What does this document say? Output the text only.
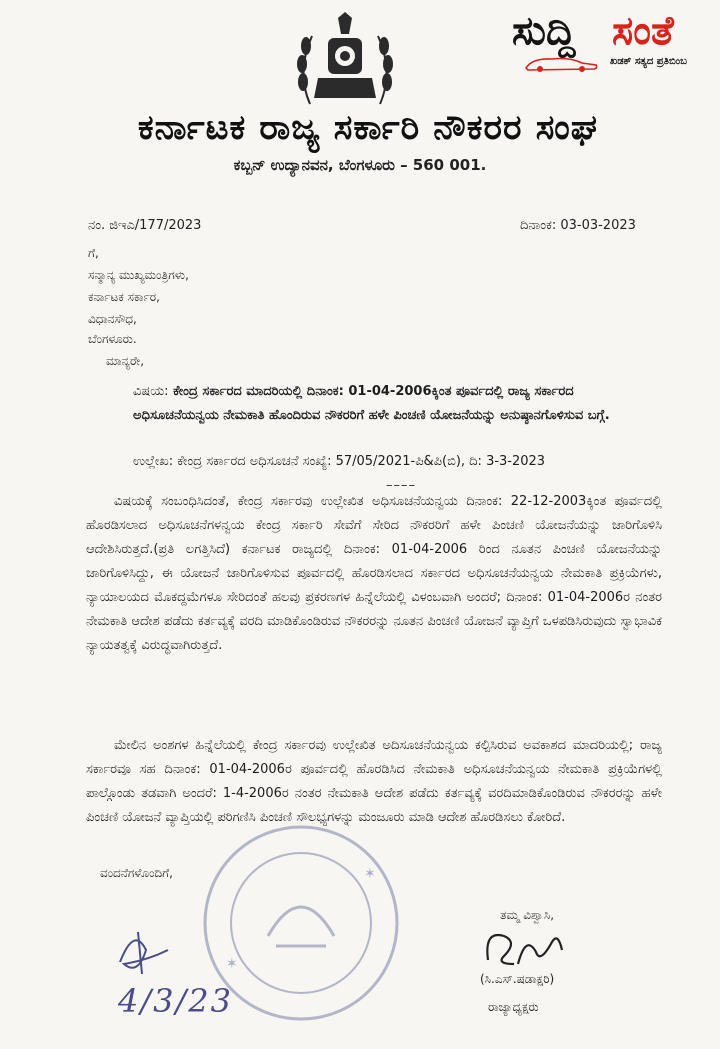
ಸುದ್ದಿ ಸಂತೆ
ಖಡಕ್ ಸತ್ಯದ ಪ್ರತಿಬಿಂಬ
ಕರ್ನಾಟಕ ರಾಜ್ಯ ಸರ್ಕಾರಿ ನೌಕರರ ಸಂಘ
ಕಬ್ಬನ್ ಉದ್ಯಾನವನ, ಬೆಂಗಳೂರು – 560 001.
ನಂ. ಜಿಇಎ/177/2023	ದಿನಾಂಕ: 03-03-2023
ಗೆ,
ಸನ್ಮಾನ್ಯ ಮುಖ್ಯಮಂತ್ರಿಗಳು,
ಕರ್ನಾಟಕ ಸರ್ಕಾರ,
ವಿಧಾನಸೌಧ,
ಬೆಂಗಳೂರು.
ಮಾನ್ಯರೇ,
ವಿಷಯ: ಕೇಂದ್ರ ಸರ್ಕಾರದ ಮಾದರಿಯಲ್ಲಿ ದಿನಾಂಕ: 01-04-2006ಕ್ಕಿಂತ ಪೂರ್ವದಲ್ಲಿ ರಾಜ್ಯ ಸರ್ಕಾರದ ಅಧಿಸೂಚನೆಯನ್ವಯ ನೇಮಕಾತಿ ಹೊಂದಿರುವ ನೌಕರರಿಗೆ ಹಳೇ ಪಿಂಚಣಿ ಯೋಜನೆಯನ್ನು ಅನುಷ್ಠಾನಗೊಳಿಸುವ ಬಗ್ಗೆ.
ಉಲ್ಲೇಖ: ಕೇಂದ್ರ ಸರ್ಕಾರದ ಅಧಿಸೂಚನೆ ಸಂಖ್ಯೆ: 57/05/2021-ಪಿ&ಪಿ(ಬಿ), ದಿ: 3-3-2023
––––
ವಿಷಯಕ್ಕೆ ಸಂಬಂಧಿಸಿದಂತೆ, ಕೇಂದ್ರ ಸರ್ಕಾರವು ಉಲ್ಲೇಖಿತ ಅಧಿಸೂಚನೆಯನ್ವಯ ದಿನಾಂಕ: 22-12-2003ಕ್ಕಿಂತ ಪೂರ್ವದಲ್ಲಿ ಹೊರಡಿಸಲಾದ ಅಧಿಸೂಚನೆಗಳನ್ವಯ ಕೇಂದ್ರ ಸರ್ಕಾರಿ ಸೇವೆಗೆ ಸೇರಿದ ನೌಕರರಿಗೆ ಹಳೇ ಪಿಂಚಣಿ ಯೋಜನೆಯನ್ನು ಜಾರಿಗೊಳಿಸಿ ಆದೇಶಿಸಿರುತ್ತದೆ.(ಪ್ರತಿ ಲಗತ್ತಿಸಿದೆ) ಕರ್ನಾಟಕ ರಾಜ್ಯದಲ್ಲಿ ದಿನಾಂಕ: 01-04-2006 ರಿಂದ ನೂತನ ಪಿಂಚಣಿ ಯೋಜನೆಯನ್ನು ಜಾರಿಗೊಳಿಸಿದ್ದು, ಈ ಯೋಜನೆ ಜಾರಿಗೊಳಿಸುವ ಪೂರ್ವದಲ್ಲಿ ಹೊರಡಿಸಲಾದ ಸರ್ಕಾರದ ಅಧಿಸೂಚನೆಯನ್ವಯ ನೇಮಕಾತಿ ಪ್ರಕ್ರಿಯೆಗಳು, ನ್ಯಾಯಾಲಯದ ಮೊಕದ್ದಮೆಗಳೂ ಸೇರಿದಂತೆ ಹಲವು ಪ್ರಕರಣಗಳ ಹಿನ್ನೆಲೆಯಲ್ಲಿ ವಿಳಂಬವಾಗಿ ಅಂದರೆ; ದಿನಾಂಕ: 01-04-2006ರ ನಂತರ ನೇಮಕಾತಿ ಆದೇಶ ಪಡೆದು ಕರ್ತವ್ಯಕ್ಕೆ ವರದಿ ಮಾಡಿಕೊಂಡಿರುವ ನೌಕರರನ್ನು ನೂತನ ಪಿಂಚಣಿ ಯೋಜನೆ ವ್ಯಾಪ್ತಿಗೆ ಒಳಪಡಿಸಿರುವುದು ಸ್ವಾಭಾವಿಕ ನ್ಯಾಯತತ್ವಕ್ಕೆ ವಿರುದ್ಧವಾಗಿರುತ್ತದೆ.
ಮೇಲಿನ ಅಂಶಗಳ ಹಿನ್ನೆಲೆಯಲ್ಲಿ ಕೇಂದ್ರ ಸರ್ಕಾರವು ಉಲ್ಲೇಖಿತ ಅದಿಸೂಚನೆಯನ್ವಯ ಕಲ್ಪಿಸಿರುವ ಅವಕಾಶದ ಮಾದರಿಯಲ್ಲಿ; ರಾಜ್ಯ ಸರ್ಕಾರವೂ ಸಹ ದಿನಾಂಕ: 01-04-2006ರ ಪೂರ್ವದಲ್ಲಿ ಹೊರಡಿಸಿದ ನೇಮಕಾತಿ ಅಧಿಸೂಚನೆಯನ್ವಯ ನೇಮಕಾತಿ ಪ್ರಕ್ರಿಯೆಗಳಲ್ಲಿ ಪಾಲ್ಗೊಂಡು ತಡವಾಗಿ ಅಂದರೆ: 1-4-2006ರ ನಂತರ ನೇಮಕಾತಿ ಆದೇಶ ಪಡೆದು ಕರ್ತವ್ಯಕ್ಕೆ ವರದಿಮಾಡಿಕೊಂಡಿರುವ ನೌಕರರನ್ನು ಹಳೇ ಪಿಂಚಣಿ ಯೋಜನೆ ವ್ಯಾಪ್ತಿಯಲ್ಲಿ ಪರಿಗಣಿಸಿ ಪಿಂಚಣಿ ಸೌಲಭ್ಯಗಳನ್ನು ಮಂಜೂರು ಮಾಡಿ ಆದೇಶ ಹೊರಡಿಸಲು ಕೋರಿದೆ.
ವಂದನೆಗಳೊಂದಿಗೆ,	✶
✶
4/3/23
ತಮ್ಮ ವಿಶ್ವಾಸಿ,
(ಸಿ.ಎಸ್.ಷಡಾಕ್ಷರಿ)
ರಾಜ್ಯಾಧ್ಯಕ್ಷರು
